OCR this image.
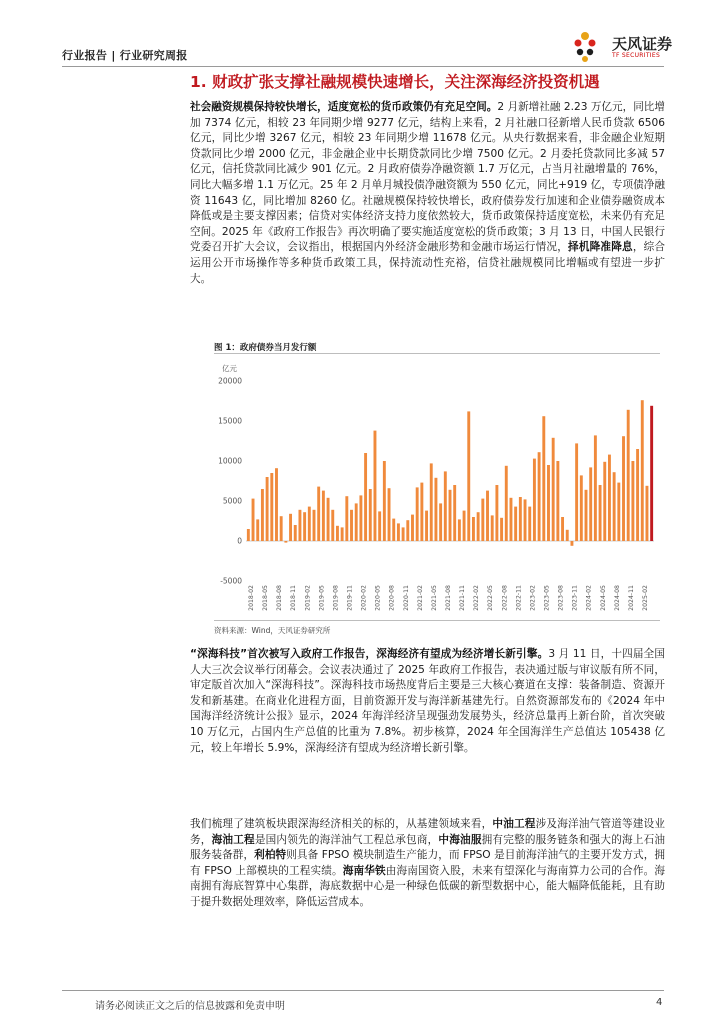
行业报告 | 行业研究周报
天风证券
TF SECURITIES
1. 财政扩张支撑社融规模快速增长，关注深海经济投资机遇
社会融资规模保持较快增长，适度宽松的货币政策仍有充足空间。2 月新增社融 2.23 万亿元，同比增加 7374 亿元，相较 23 年同期少增 9277 亿元，结构上来看，2 月社融口径新增人民币贷款 6506 亿元，同比少增 3267 亿元，相较 23 年同期少增 11678 亿元。从央行数据来看，非金融企业短期贷款同比少增 2000 亿元，非金融企业中长期贷款同比少增 7500 亿元。2 月委托贷款同比多减 57 亿元，信托贷款同比减少 901 亿元。2 月政府债券净融资额 1.7 万亿元，占当月社融增量的 76%，同比大幅多增 1.1 万亿元。25 年 2 月单月城投债净融资额为 550 亿元，同比+919 亿，专项债净融资 11643 亿，同比增加 8260 亿。社融规模保持较快增长，政府债券发行加速和企业债券融资成本降低或是主要支撑因素；信贷对实体经济支持力度依然较大，货币政策保持适度宽松，未来仍有充足空间。2025 年《政府工作报告》再次明确了要实施适度宽松的货币政策；3 月 13 日，中国人民银行党委召开扩大会议，会议指出，根据国内外经济金融形势和金融市场运行情况，择机降准降息，综合运用公开市场操作等多种货币政策工具，保持流动性充裕，信贷社融规模同比增幅或有望进一步扩大。
图 1：政府债券当月发行额
亿元
20000
15000
10000
5000
0
-5000
2018-02 2018-05 2018-08 2018-11 2019-02 2019-05 2019-08 2019-11 2020-02 2020-05 2020-08 2020-11 2021-02 2021-05 2021-08 2021-11 2022-02 2022-05 2022-08 2022-11 2023-02 2023-05 2023-08 2023-11 2024-02 2024-05 2024-08 2024-11 2025-02
资料来源：Wind，天风证券研究所
“深海科技”首次被写入政府工作报告，深海经济有望成为经济增长新引擎。3 月 11 日，十四届全国人大三次会议举行闭幕会。会议表决通过了 2025 年政府工作报告，表决通过版与审议版有所不同，审定版首次加入“深海科技”。深海科技市场热度背后主要是三大核心赛道在支撑：装备制造、资源开发和新基建。在商业化进程方面，目前资源开发与海洋新基建先行。自然资源部发布的《2024 年中国海洋经济统计公报》显示，2024 年海洋经济呈现强劲发展势头，经济总量再上新台阶，首次突破 10 万亿元，占国内生产总值的比重为 7.8%。初步核算，2024 年全国海洋生产总值达 105438 亿元，较上年增长 5.9%，深海经济有望成为经济增长新引擎。
我们梳理了建筑板块跟深海经济相关的标的，从基建领域来看，中油工程涉及海洋油气管道等建设业务，海油工程是国内领先的海洋油气工程总承包商，中海油服拥有完整的服务链条和强大的海上石油服务装备群，利柏特则具备 FPSO 模块制造生产能力，而 FPSO 是目前海洋油气的主要开发方式，拥有 FPSO 上部模块的工程实绩。海南华铁由海南国资入股，未来有望深化与海南算力公司的合作。海南拥有海底智算中心集群，海底数据中心是一种绿色低碳的新型数据中心，能大幅降低能耗，且有助于提升数据处理效率，降低运营成本。
请务必阅读正文之后的信息披露和免责申明	4
